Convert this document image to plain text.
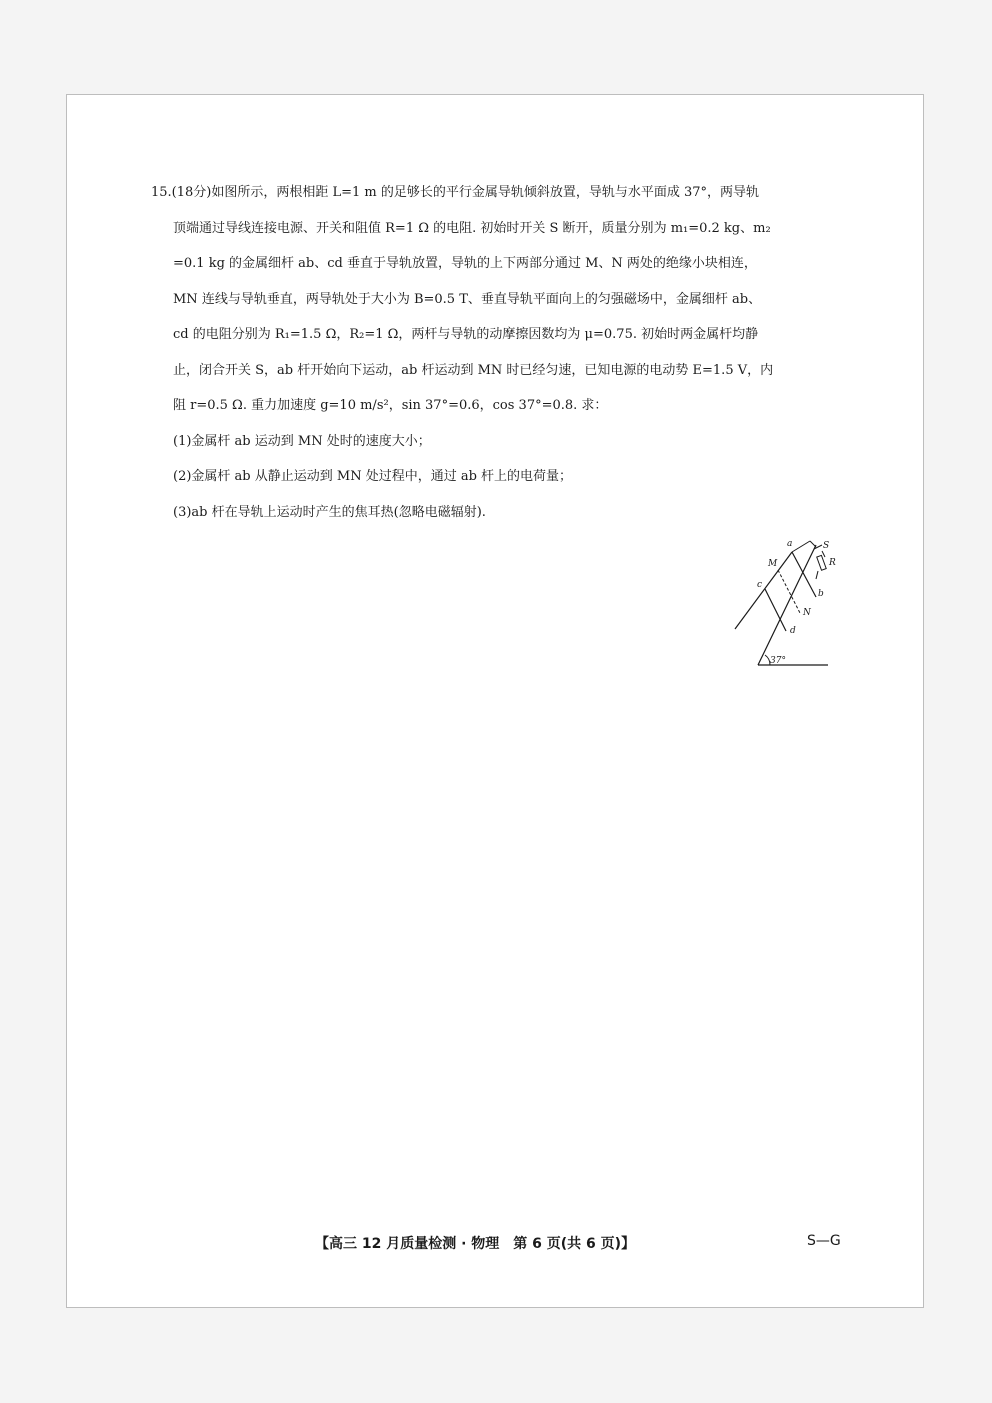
15.(18分)如图所示，两根相距 L=1 m 的足够长的平行金属导轨倾斜放置，导轨与水平面成 37°，两导轨

顶端通过导线连接电源、开关和阻值 R=1 Ω 的电阻. 初始时开关 S 断开，质量分别为 m₁=0.2 kg、m₂

=0.1 kg 的金属细杆 ab、cd 垂直于导轨放置，导轨的上下两部分通过 M、N 两处的绝缘小块相连，

MN 连线与导轨垂直，两导轨处于大小为 B=0.5 T、垂直导轨平面向上的匀强磁场中，金属细杆 ab、

cd 的电阻分别为 R₁=1.5 Ω，R₂=1 Ω，两杆与导轨的动摩擦因数均为 μ=0.75. 初始时两金属杆均静

止，闭合开关 S，ab 杆开始向下运动，ab 杆运动到 MN 时已经匀速，已知电源的电动势 E=1.5 V，内

阻 r=0.5 Ω. 重力加速度 g=10 m/s²，sin 37°=0.6，cos 37°=0.8. 求：

(1)金属杆 ab 运动到 MN 处时的速度大小；

(2)金属杆 ab 从静止运动到 MN 处过程中，通过 ab 杆上的电荷量；

(3)ab 杆在导轨上运动时产生的焦耳热(忽略电磁辐射).

a
b
c
d
M
N
S
R
37°
【高三 12 月质量检测 · 物理　第 6 页(共 6 页)】	S—G
